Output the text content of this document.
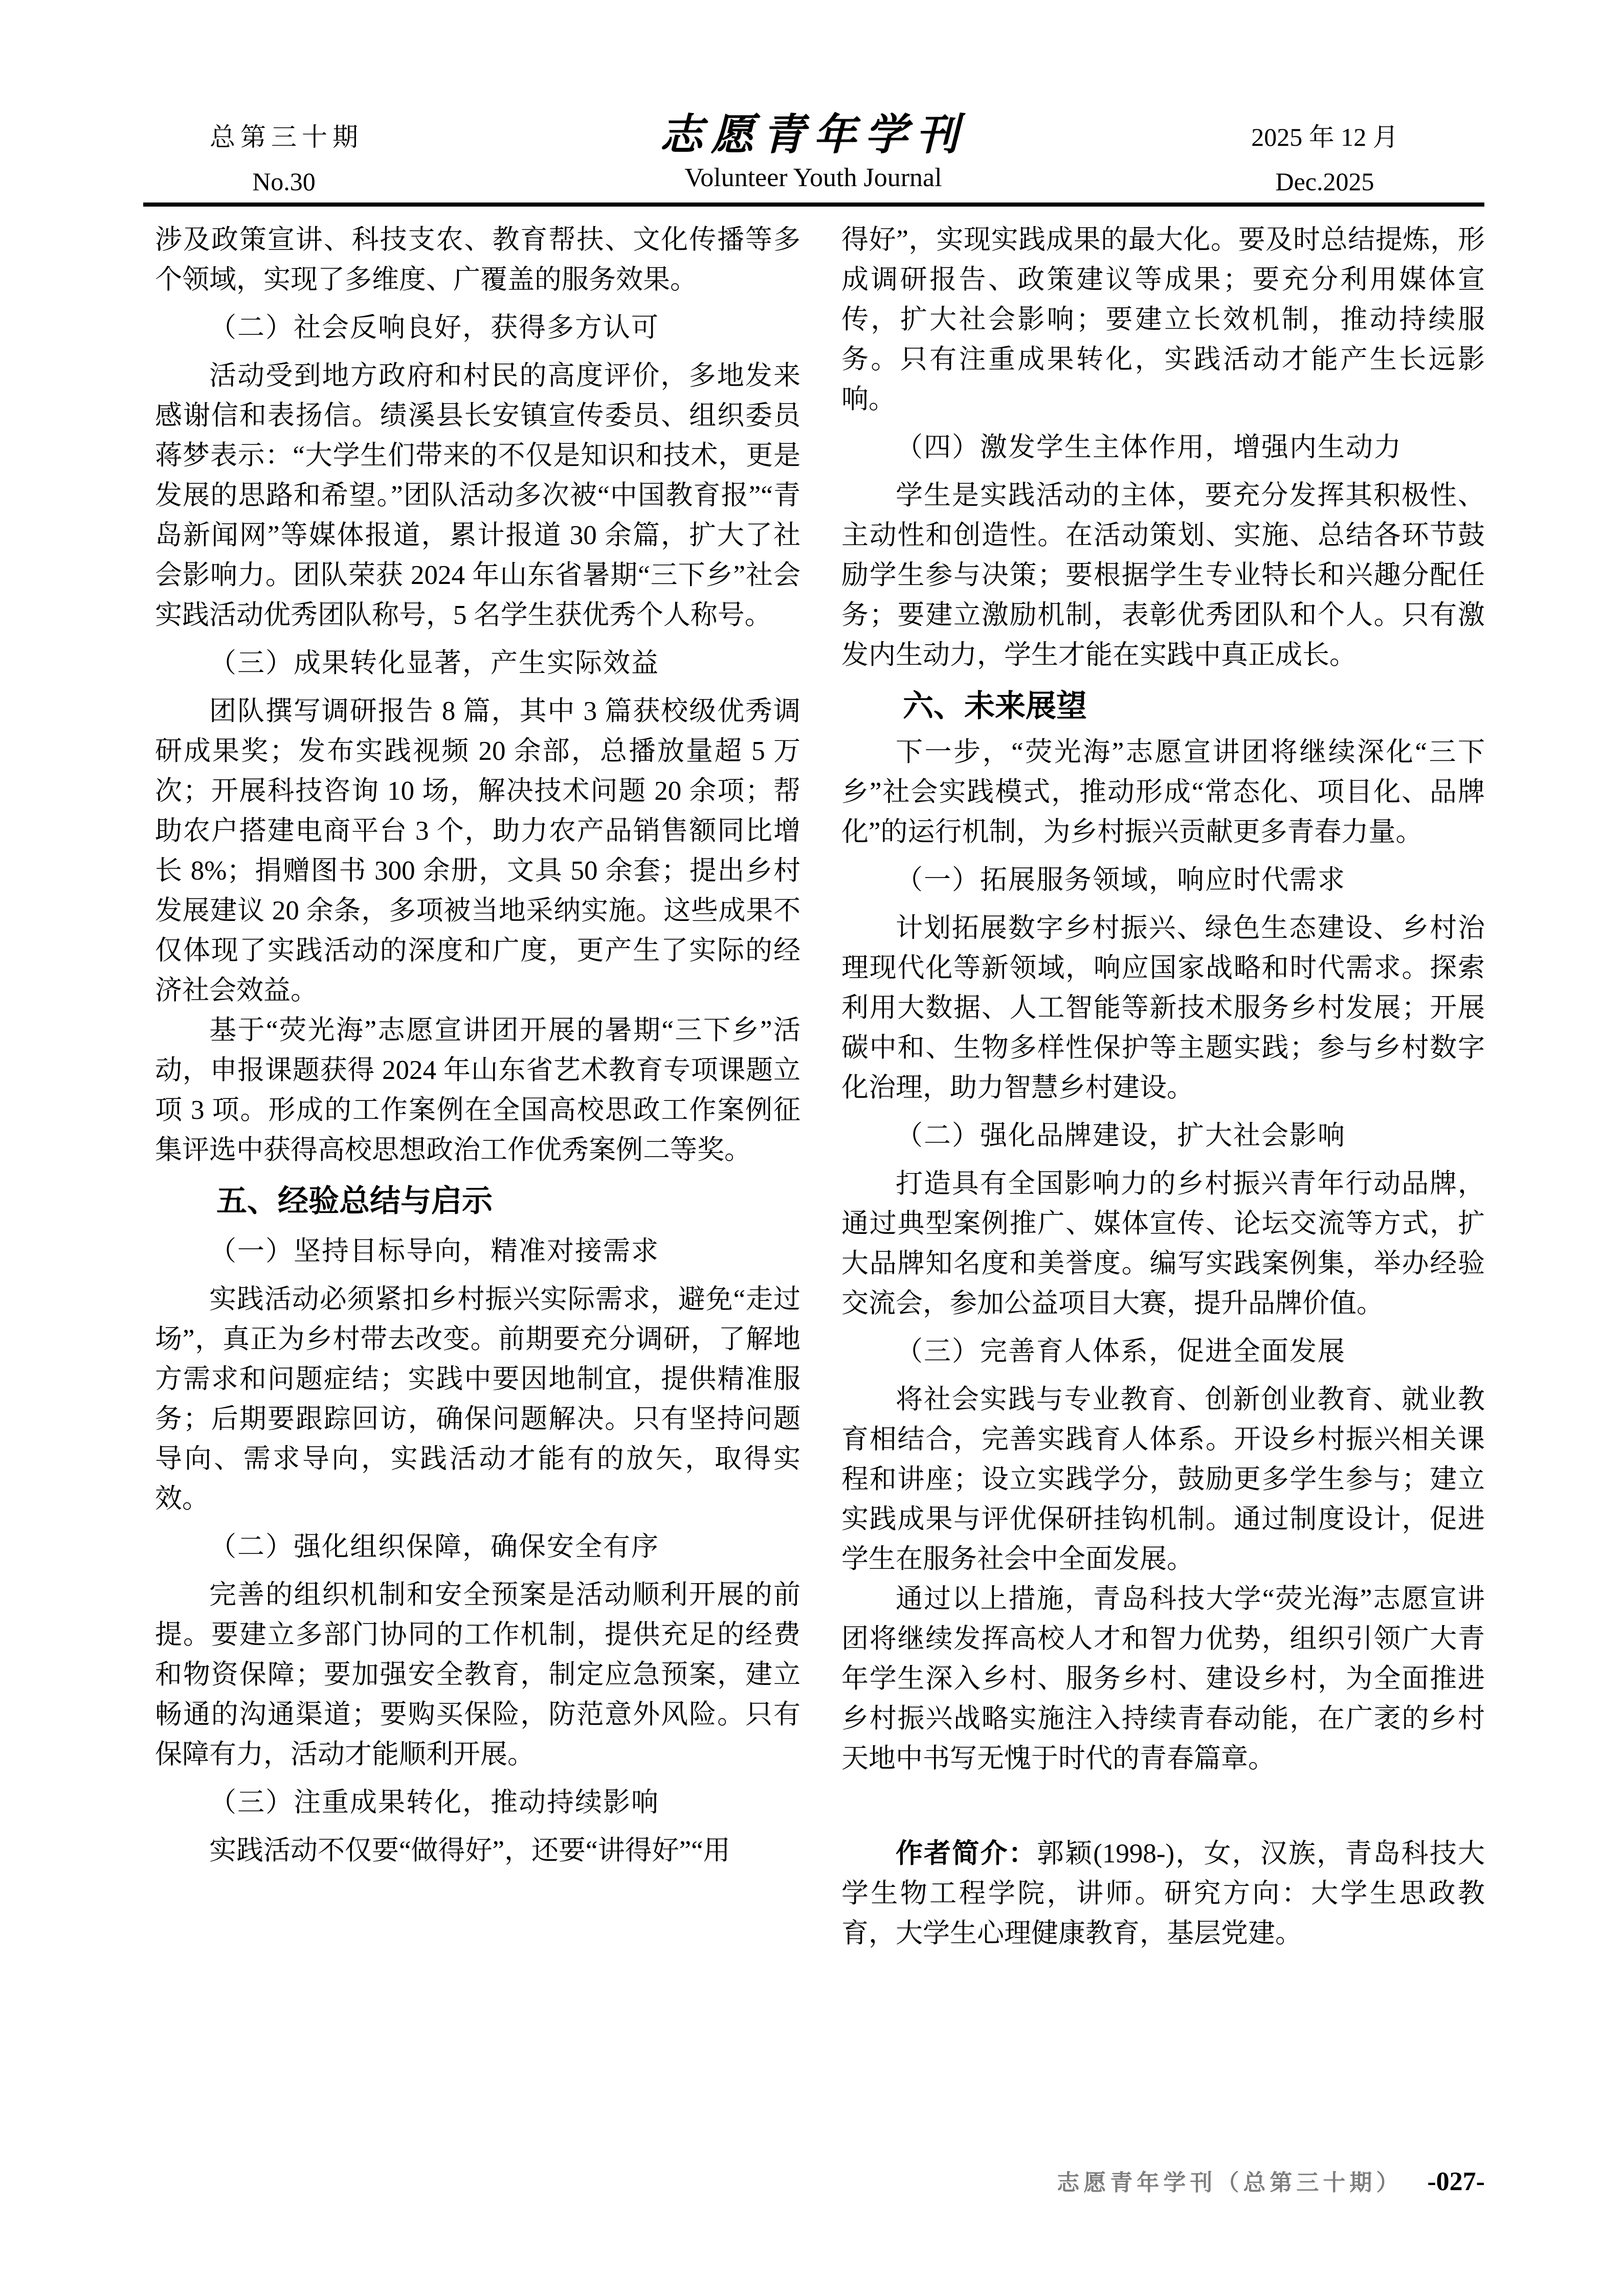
总第三十期
No.30
志愿青年学刊
Volunteer Youth Journal
2025 年 12 月
Dec.2025

涉及政策宣讲、科技支农、教育帮扶、文化传播等多个领域，实现了多维度、广覆盖的服务效果。

（二）社会反响良好，获得多方认可

活动受到地方政府和村民的高度评价，多地发来感谢信和表扬信。绩溪县长安镇宣传委员、组织委员蒋梦表示：“大学生们带来的不仅是知识和技术，更是发展的思路和希望。”团队活动多次被“中国教育报”“青岛新闻网”等媒体报道，累计报道 30 余篇，扩大了社会影响力。团队荣获 2024 年山东省暑期“三下乡”社会实践活动优秀团队称号，5 名学生获优秀个人称号。

（三）成果转化显著，产生实际效益

团队撰写调研报告 8 篇，其中 3 篇获校级优秀调研成果奖；发布实践视频 20 余部，总播放量超 5 万次；开展科技咨询 10 场，解决技术问题 20 余项；帮助农户搭建电商平台 3 个，助力农产品销售额同比增长 8%；捐赠图书 300 余册，文具 50 余套；提出乡村发展建议 20 余条，多项被当地采纳实施。这些成果不仅体现了实践活动的深度和广度，更产生了实际的经济社会效益。

基于“荧光海”志愿宣讲团开展的暑期“三下乡”活动，申报课题获得 2024 年山东省艺术教育专项课题立项 3 项。形成的工作案例在全国高校思政工作案例征集评选中获得高校思想政治工作优秀案例二等奖。

五、经验总结与启示

（一）坚持目标导向，精准对接需求

实践活动必须紧扣乡村振兴实际需求，避免“走过场”，真正为乡村带去改变。前期要充分调研，了解地方需求和问题症结；实践中要因地制宜，提供精准服务；后期要跟踪回访，确保问题解决。只有坚持问题导向、需求导向，实践活动才能有的放矢，取得实效。

（二）强化组织保障，确保安全有序

完善的组织机制和安全预案是活动顺利开展的前提。要建立多部门协同的工作机制，提供充足的经费和物资保障；要加强安全教育，制定应急预案，建立畅通的沟通渠道；要购买保险，防范意外风险。只有保障有力，活动才能顺利开展。

（三）注重成果转化，推动持续影响

实践活动不仅要“做得好”，还要“讲得好”“用

得好”，实现实践成果的最大化。要及时总结提炼，形成调研报告、政策建议等成果；要充分利用媒体宣传，扩大社会影响；要建立长效机制，推动持续服务。只有注重成果转化，实践活动才能产生长远影响。

（四）激发学生主体作用，增强内生动力

学生是实践活动的主体，要充分发挥其积极性、主动性和创造性。在活动策划、实施、总结各环节鼓励学生参与决策；要根据学生专业特长和兴趣分配任务；要建立激励机制，表彰优秀团队和个人。只有激发内生动力，学生才能在实践中真正成长。

六、未来展望

下一步，“荧光海”志愿宣讲团将继续深化“三下乡”社会实践模式，推动形成“常态化、项目化、品牌化”的运行机制，为乡村振兴贡献更多青春力量。

（一）拓展服务领域，响应时代需求

计划拓展数字乡村振兴、绿色生态建设、乡村治理现代化等新领域，响应国家战略和时代需求。探索利用大数据、人工智能等新技术服务乡村发展；开展碳中和、生物多样性保护等主题实践；参与乡村数字化治理，助力智慧乡村建设。

（二）强化品牌建设，扩大社会影响

打造具有全国影响力的乡村振兴青年行动品牌，通过典型案例推广、媒体宣传、论坛交流等方式，扩大品牌知名度和美誉度。编写实践案例集，举办经验交流会，参加公益项目大赛，提升品牌价值。

（三）完善育人体系，促进全面发展

将社会实践与专业教育、创新创业教育、就业教育相结合，完善实践育人体系。开设乡村振兴相关课程和讲座；设立实践学分，鼓励更多学生参与；建立实践成果与评优保研挂钩机制。通过制度设计，促进学生在服务社会中全面发展。

通过以上措施，青岛科技大学“荧光海”志愿宣讲团将继续发挥高校人才和智力优势，组织引领广大青年学生深入乡村、服务乡村、建设乡村，为全面推进乡村振兴战略实施注入持续青春动能，在广袤的乡村天地中书写无愧于时代的青春篇章。

作者简介：郭颖(1998-)，女，汉族，青岛科技大学生物工程学院，讲师。研究方向：大学生思政教育，大学生心理健康教育，基层党建。

志愿青年学刊（总第三十期） -027-
